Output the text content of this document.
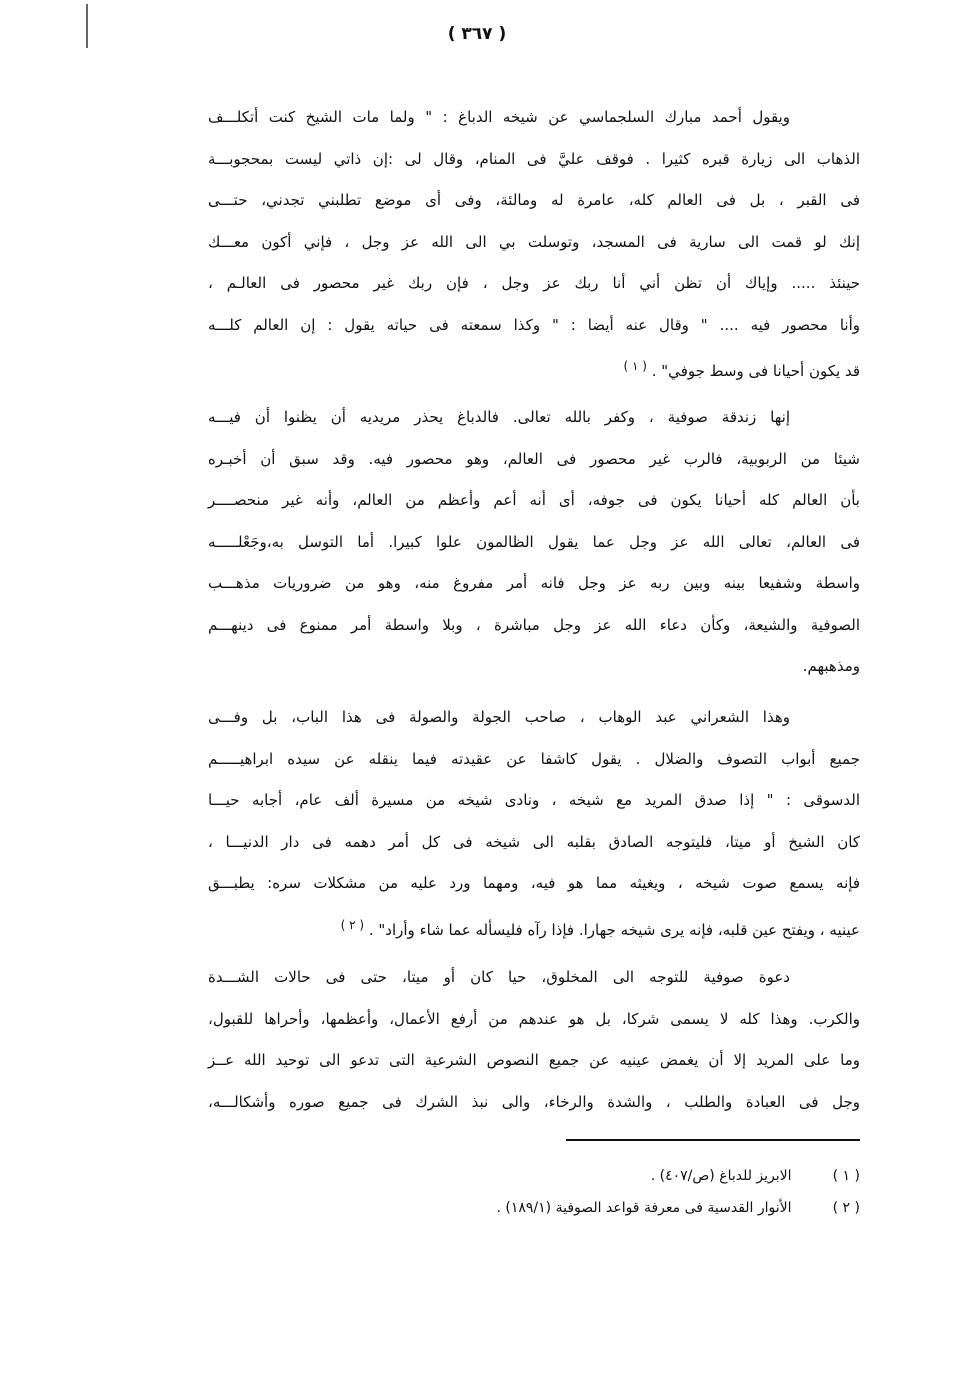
( ٣٦٧ )

ويقول أحمد مبارك السلجماسي عن شيخه الدباغ : " ولما مات الشيخ كنت أتكلـــف
الذهاب الى زيارة قبره كثيرا . فوقف عليَّ فى المنام، وقال لى :إن ذاتي ليست بمحجوبـــة
فى القبر ، بل فى العالم كله، عامرة له ومالئة، وفى أى موضع تطلبني تجدني، حتـــى
إنك لو قمت الى سارية فى المسجد، وتوسلت بي الى الله عز وجل ، فإني أكون معـــك
حينئذ ..... وإياك أن تظن أني أنا ربك عز وجل ، فإن ربك غير محصور فى العالـم ،
وأنا محصور فيه .... " وقال عنه أيضا : " وكذا سمعته فى حياته يقول : إن العالم كلـــه
قد يكون أحيانا فى وسط جوفي" . $^{( ١ )}$

إنها زندقة صوفية ، وكفر بالله تعالى. فالدباغ يحذر مريديه أن يظنوا أن فيـــه
شيئا من الربوبية، فالرب غير محصور فى العالم، وهو محصور فيه. وقد سبق أن أخبـره
بأن العالم كله أحيانا يكون فى جوفه، أى أنه أعم وأعظم من العالم، وأنه غير منحصــــر
فى العالم، تعالى الله عز وجل عما يقول الظالمون علوا كبيرا. أما التوسل به،وجَعْلـــــه
واسطة وشفيعا بينه وبين ربه عز وجل فانه أمر مفروغ منه، وهو من ضروريات مذهـــب
الصوفية والشيعة، وكأن دعاء الله عز وجل مباشرة ، وبلا واسطة أمر ممنوع فى دينهـــم
ومذهبهم.

وهذا الشعراني عبد الوهاب ، صاحب الجولة والصولة فى هذا الباب، بل وفـــى
جميع أبواب التصوف والضلال . يقول كاشفا عن عقيدته فيما ينقله عن سيده ابراهيـــــم
الدسوقى : " إذا صدق المريد مع شيخه ، ونادى شيخه من مسيرة ألف عام، أجابه حيـــا
كان الشيخ أو ميتا، فليتوجه الصادق بقلبه الى شيخه فى كل أمر دهمه فى دار الدنيـــا ،
فإنه يسمع صوت شيخه ، ويغيثه مما هو فيه، ومهما ورد عليه من مشكلات سره: يطبـــق
عينيه ، ويفتح عين قلبه، فإنه يرى شيخه جهارا. فإذا رآه فليسأله عما شاء وأراد" . $^{( ٢ )}$

دعوة صوفية للتوجه الى المخلوق، حيا كان أو ميتا، حتى فى حالات الشـــدة
والكرب. وهذا كله لا يسمى شركا، بل هو عندهم من أرفع الأعمال، وأعظمها، وأحراها للقبول،
وما على المريد إلا أن يغمض عينيه عن جميع النصوص الشرعية التى تدعو الى توحيد الله عــز
وجل فى العبادة والطلب ، والشدة والرخاء، والى نبذ الشرك فى جميع صوره وأشكالـــه،

( ١ ) الابريز للدباغ (ص/٤٠٧) .
( ٢ ) الأنوار القدسية فى معرفة قواعد الصوفية (١٨٩/١) .
